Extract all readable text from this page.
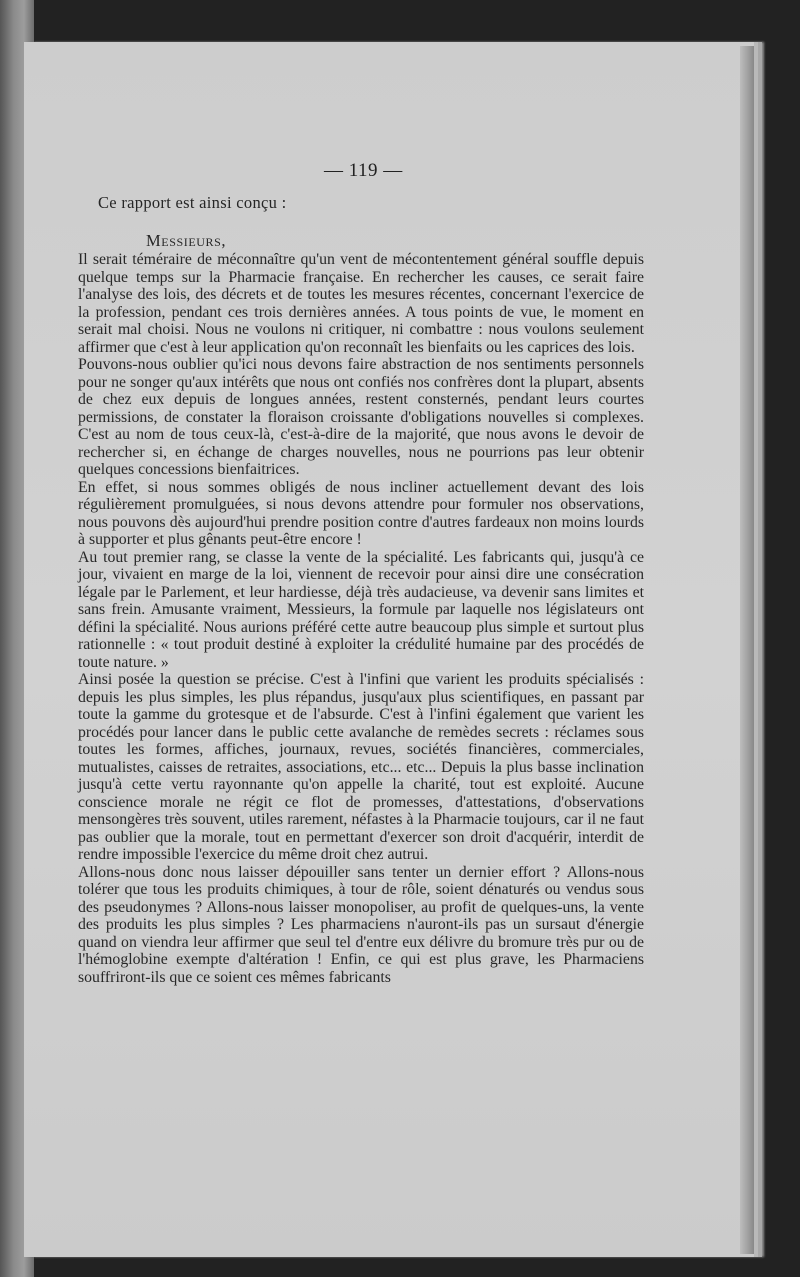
— 119 —
Ce rapport est ainsi conçu :
Messieurs,

Il serait téméraire de méconnaître qu'un vent de mécontentement général souffle depuis quelque temps sur la Pharmacie française. En rechercher les causes, ce serait faire l'analyse des lois, des décrets et de toutes les mesures récentes, concernant l'exercice de la profession, pendant ces trois dernières années. A tous points de vue, le moment en serait mal choisi. Nous ne voulons ni critiquer, ni combattre : nous voulons seulement affirmer que c'est à leur application qu'on reconnaît les bienfaits ou les caprices des lois.

Pouvons-nous oublier qu'ici nous devons faire abstraction de nos sentiments personnels pour ne songer qu'aux intérêts que nous ont confiés nos confrères dont la plupart, absents de chez eux depuis de longues années, restent consternés, pendant leurs courtes permissions, de constater la floraison croissante d'obligations nouvelles si complexes. C'est au nom de tous ceux-là, c'est-à-dire de la majorité, que nous avons le devoir de rechercher si, en échange de charges nouvelles, nous ne pourrions pas leur obtenir quelques concessions bienfaitrices.

En effet, si nous sommes obligés de nous incliner actuellement devant des lois régulièrement promulguées, si nous devons attendre pour formuler nos observations, nous pouvons dès aujourd'hui prendre position contre d'autres fardeaux non moins lourds à supporter et plus gênants peut-être encore !

Au tout premier rang, se classe la vente de la spécialité. Les fabricants qui, jusqu'à ce jour, vivaient en marge de la loi, viennent de recevoir pour ainsi dire une consécration légale par le Parlement, et leur hardiesse, déjà très audacieuse, va devenir sans limites et sans frein. Amusante vraiment, Messieurs, la formule par laquelle nos législateurs ont défini la spécialité. Nous aurions préféré cette autre beaucoup plus simple et surtout plus rationnelle : « tout produit destiné à exploiter la crédulité humaine par des procédés de toute nature. »

Ainsi posée la question se précise. C'est à l'infini que varient les produits spécialisés : depuis les plus simples, les plus répandus, jusqu'aux plus scientifiques, en passant par toute la gamme du grotesque et de l'absurde. C'est à l'infini également que varient les procédés pour lancer dans le public cette avalanche de remèdes secrets : réclames sous toutes les formes, affiches, journaux, revues, sociétés financières, commerciales, mutualistes, caisses de retraites, associations, etc... etc... Depuis la plus basse inclination jusqu'à cette vertu rayonnante qu'on appelle la charité, tout est exploité. Aucune conscience morale ne régit ce flot de promesses, d'attestations, d'observations mensongères très souvent, utiles rarement, néfastes à la Pharmacie toujours, car il ne faut pas oublier que la morale, tout en permettant d'exercer son droit d'acquérir, interdit de rendre impossible l'exercice du même droit chez autrui.

Allons-nous donc nous laisser dépouiller sans tenter un dernier effort ? Allons-nous tolérer que tous les produits chimiques, à tour de rôle, soient dénaturés ou vendus sous des pseudonymes ? Allons-nous laisser monopoliser, au profit de quelques-uns, la vente des produits les plus simples ? Les pharmaciens n'auront-ils pas un sursaut d'énergie quand on viendra leur affirmer que seul tel d'entre eux délivre du bromure très pur ou de l'hémoglobine exempte d'altération ! Enfin, ce qui est plus grave, les Pharmaciens souffriront-ils que ce soient ces mêmes fabricants
